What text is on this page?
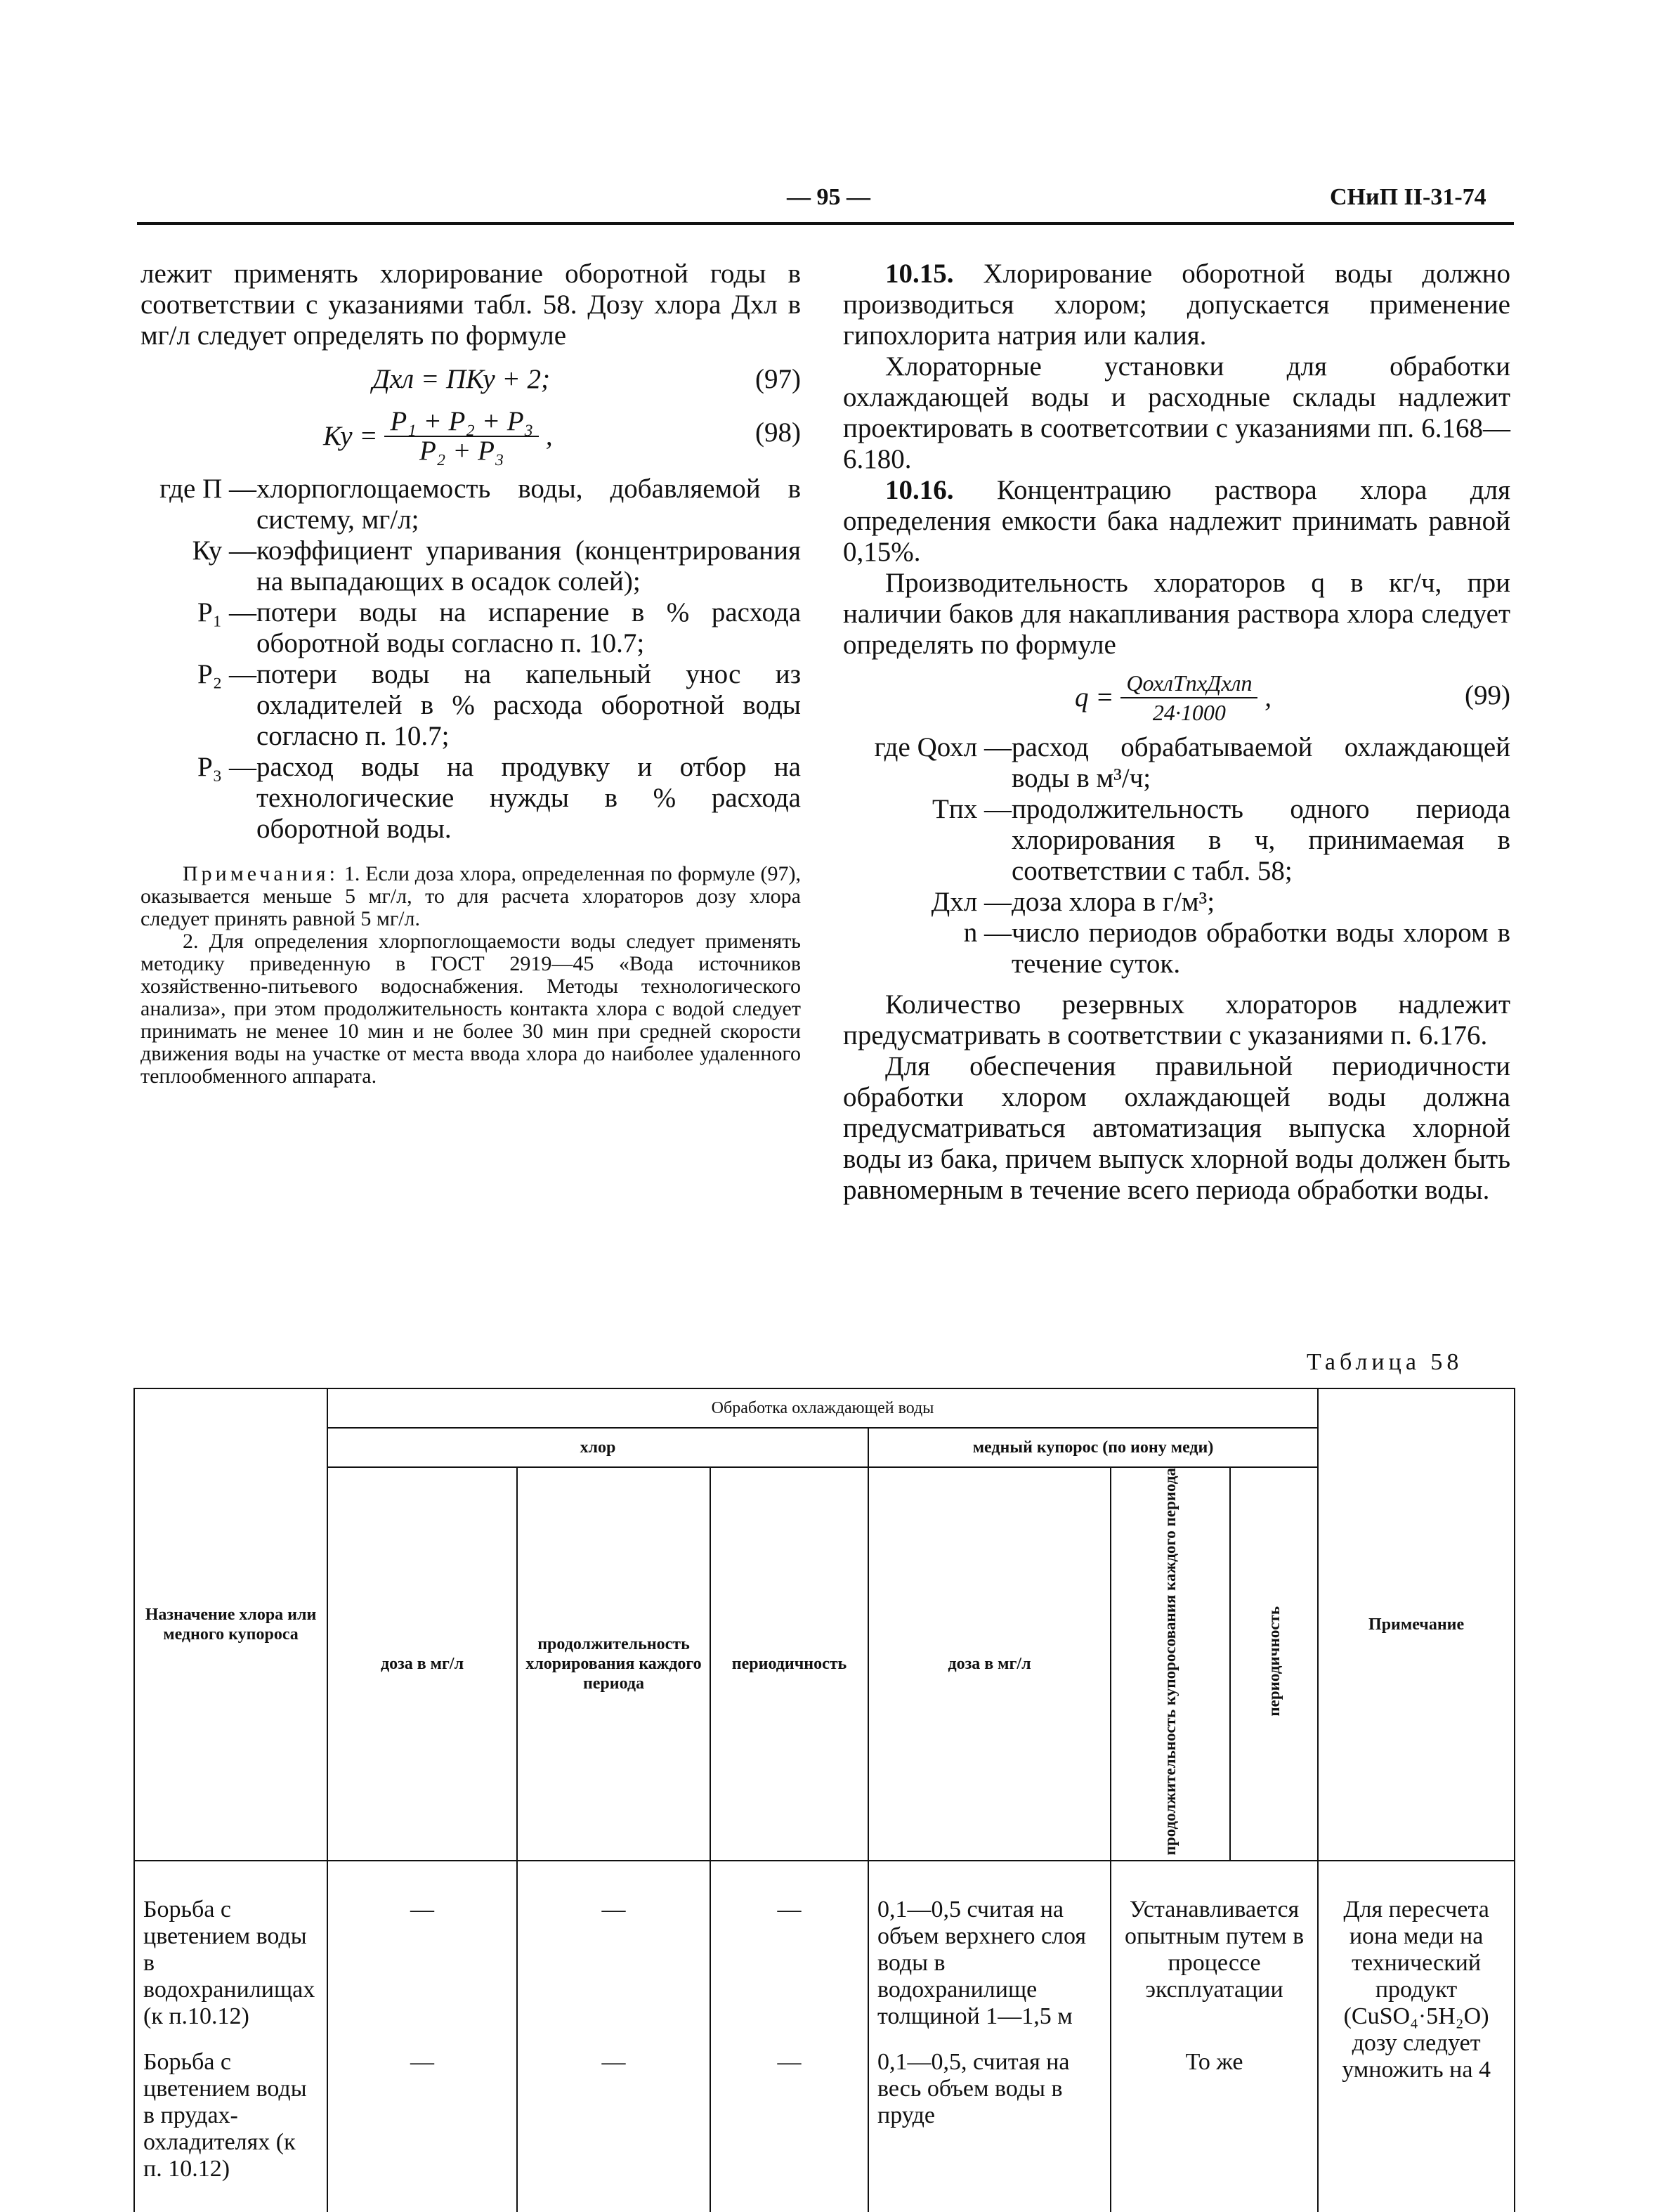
— 95 —	СНиП II-31-74

лежит применять хлорирование оборотной годы в соответствии с указаниями табл. 58. Дозу хлора Дхл в мг/л следует определять по формуле

Дхл = ПКу + 2;	(97)
Ку = $\frac{\text{P₁ + P₂ + P₃}}{\text{P₂ + P₃}}$ ,	(98)
где П — хлорпоглощаемость воды, добавляемой в систему, мг/л;
Ку — коэффициент упаривания (концентрирования на выпадающих в осадок солей);
P₁ — потери воды на испарение в % расхода оборотной воды согласно п. 10.7;
P₂ — потери воды на капельный унос из охладителей в % расхода оборотной воды согласно п. 10.7;
P₃ — расход воды на продувку и отбор на технологические нужды в % расхода оборотной воды.

Примечания: 1. Если доза хлора, определенная по формуле (97), оказывается меньше 5 мг/л, то для расчета хлораторов дозу хлора следует принять равной 5 мг/л.

2. Для определения хлорпоглощаемости воды следует применять методику приведенную в ГОСТ 2919—45 «Вода источников хозяйственно-питьевого водоснабжения. Методы технологического анализа», при этом продолжительность контакта хлора с водой следует принимать не менее 10 мин и не более 30 мин при средней скорости движения воды на участке от места ввода хлора до наиболее удаленного теплообменного аппарата.

10.15. Хлорирование оборотной воды должно производиться хлором; допускается применение гипохлорита натрия или калия.

Хлораторные установки для обработки охлаждающей воды и расходные склады надлежит проектировать в соответсотвии с указаниями пп. 6.168—6.180.

10.16. Концентрацию раствора хлора для определения емкости бака надлежит принимать равной 0,15%.

Производительность хлораторов q в кг/ч, при наличии баков для накапливания раствора хлора следует определять по формуле

$q = \frac{\text{QохлTпхДхлn}}{24\cdot 1000}$ ,	(99)
где Qохл — расход обрабатываемой охлаждающей воды в м³/ч;
Tпх — продолжительность одного периода хлорирования в ч, принимаемая в соответствии с табл. 58;
Дхл — доза хлора в г/м³;
n — число периодов обработки воды хлором в течение суток.

Количество резервных хлораторов надлежит предусматривать в соответствии с указаниями п. 6.176.

Для обеспечения правильной периодичности обработки хлором охлаждающей воды должна предусматриваться автоматизация выпуска хлорной воды из бака, причем выпуск хлорной воды должен быть равномерным в течение всего периода обработки воды.

Таблица 58
Назначение хлора или медного купороса	Обработка охлаждающей воды						Примечание
	хлор			медный купорос (по иону меди)			
	доза в мг/л	продолжительность хлорирования каждого периода	периодичность	доза в мг/л	продолжительность купоросования каждого периода	периодичность	
Борьба с цветением воды в водохранилищах (к п.10.12)	—	—	—	0,1—0,5 считая на объем верхнего слоя воды в водохранилище толщиной 1—1,5 м	Устанавливается опытным путем в процессе эксплуатации		Для пересчета иона меди на технический продукт (CuSO₄·5H₂O) дозу следует умножить на 4
Борьба с цветением воды в прудах-охладителях (к п. 10.12)	—	—	—	0,1—0,5, считая на весь объем воды в пруде	То же		
